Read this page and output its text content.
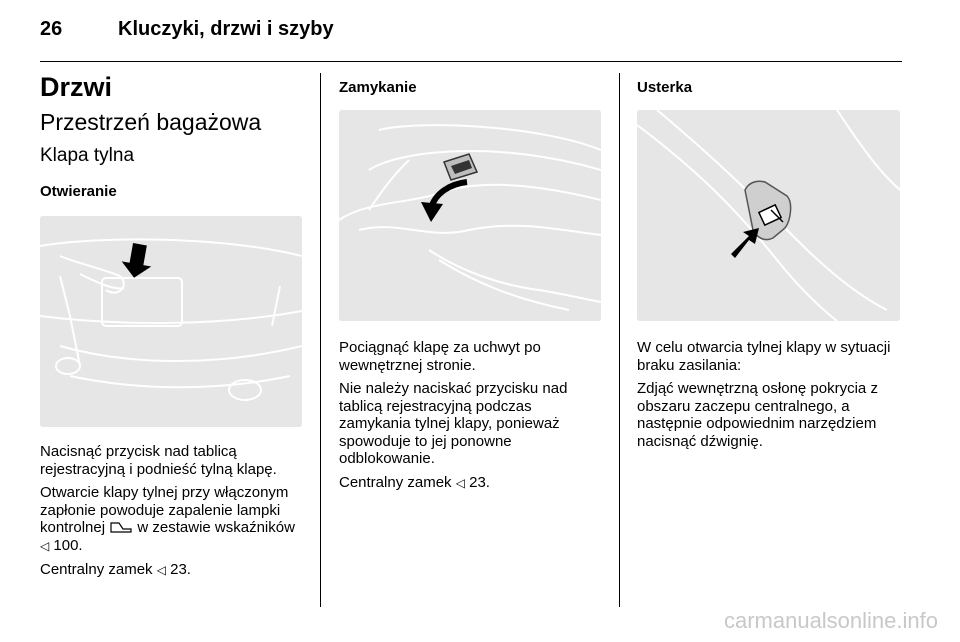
26	Kluczyki, drzwi i szyby
Drzwi
Przestrzeń bagażowa
Klapa tylna
Otwieranie

Nacisnąć przycisk nad tablicą rejestracyjną i podnieść tylną klapę.

Otwarcie klapy tylnej przy włączonym zapłonie powoduje zapalenie lampki kontrolnej w zestawie wskaźników ◁ 100.

Centralny zamek ◁ 23.

Zamykanie

Pociągnąć klapę za uchwyt po wewnętrznej stronie.

Nie należy naciskać przycisku nad tablicą rejestracyjną podczas zamykania tylnej klapy, ponieważ spowoduje to jej ponowne odblokowanie.

Centralny zamek ◁ 23.

Usterka

W celu otwarcia tylnej klapy w sytuacji braku zasilania:

Zdjąć wewnętrzną osłonę pokrycia z obszaru zaczepu centralnego, a następnie odpowiednim narzędziem nacisnąć dźwignię.

carmanualsonline.info
